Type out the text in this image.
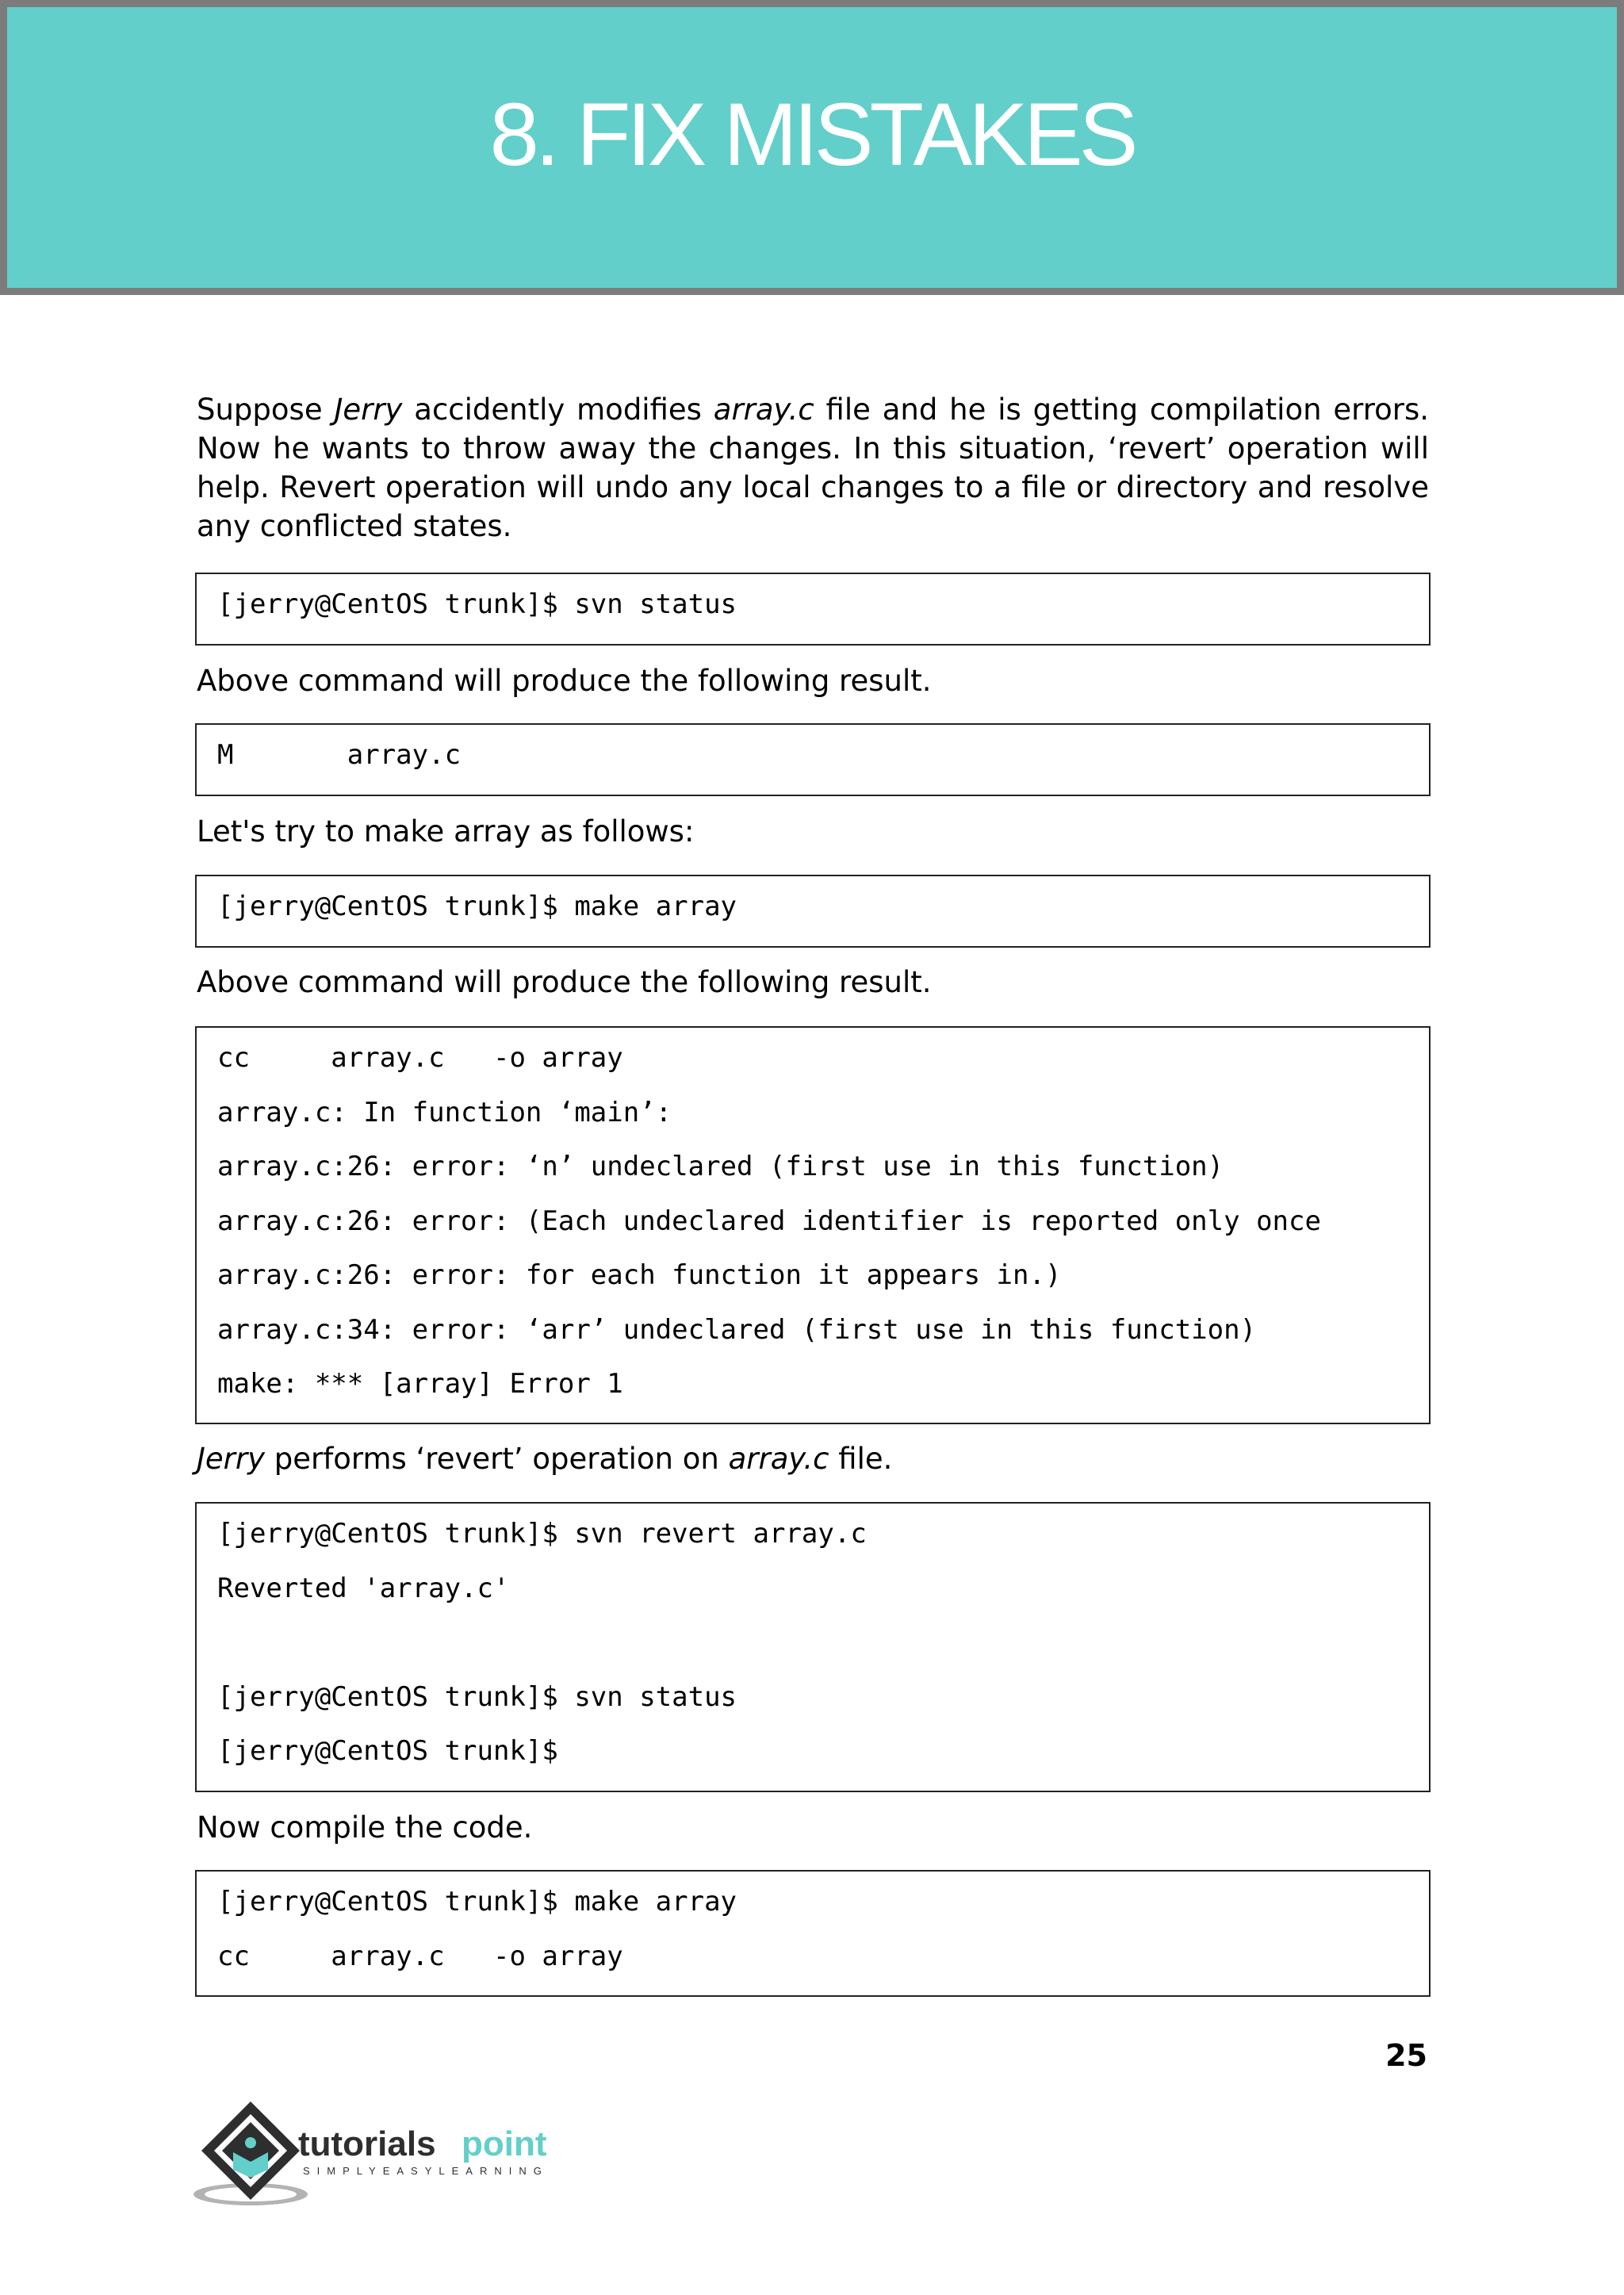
8. FIX MISTAKES

Suppose Jerry accidently modifies array.c file and he is getting compilation errors. Now he wants to throw away the changes. In this situation, ‘revert’ operation will help. Revert operation will undo any local changes to a file or directory and resolve any conflicted states.

[jerry@CentOS trunk]$ svn status

Above command will produce the following result.

M       array.c

Let's try to make array as follows:

[jerry@CentOS trunk]$ make array

Above command will produce the following result.

cc     array.c   -o array
array.c: In function ‘main’:
array.c:26: error: ‘n’ undeclared (first use in this function)
array.c:26: error: (Each undeclared identifier is reported only once
array.c:26: error: for each function it appears in.)
array.c:34: error: ‘arr’ undeclared (first use in this function)
make: *** [array] Error 1

Jerry performs ‘revert’ operation on array.c file.

[jerry@CentOS trunk]$ svn revert array.c
Reverted 'array.c'
[jerry@CentOS trunk]$ svn status
[jerry@CentOS trunk]$

Now compile the code.

[jerry@CentOS trunk]$ make array
cc     array.c   -o array
25
tutorials point
SIMPLYEASYLEARNING
